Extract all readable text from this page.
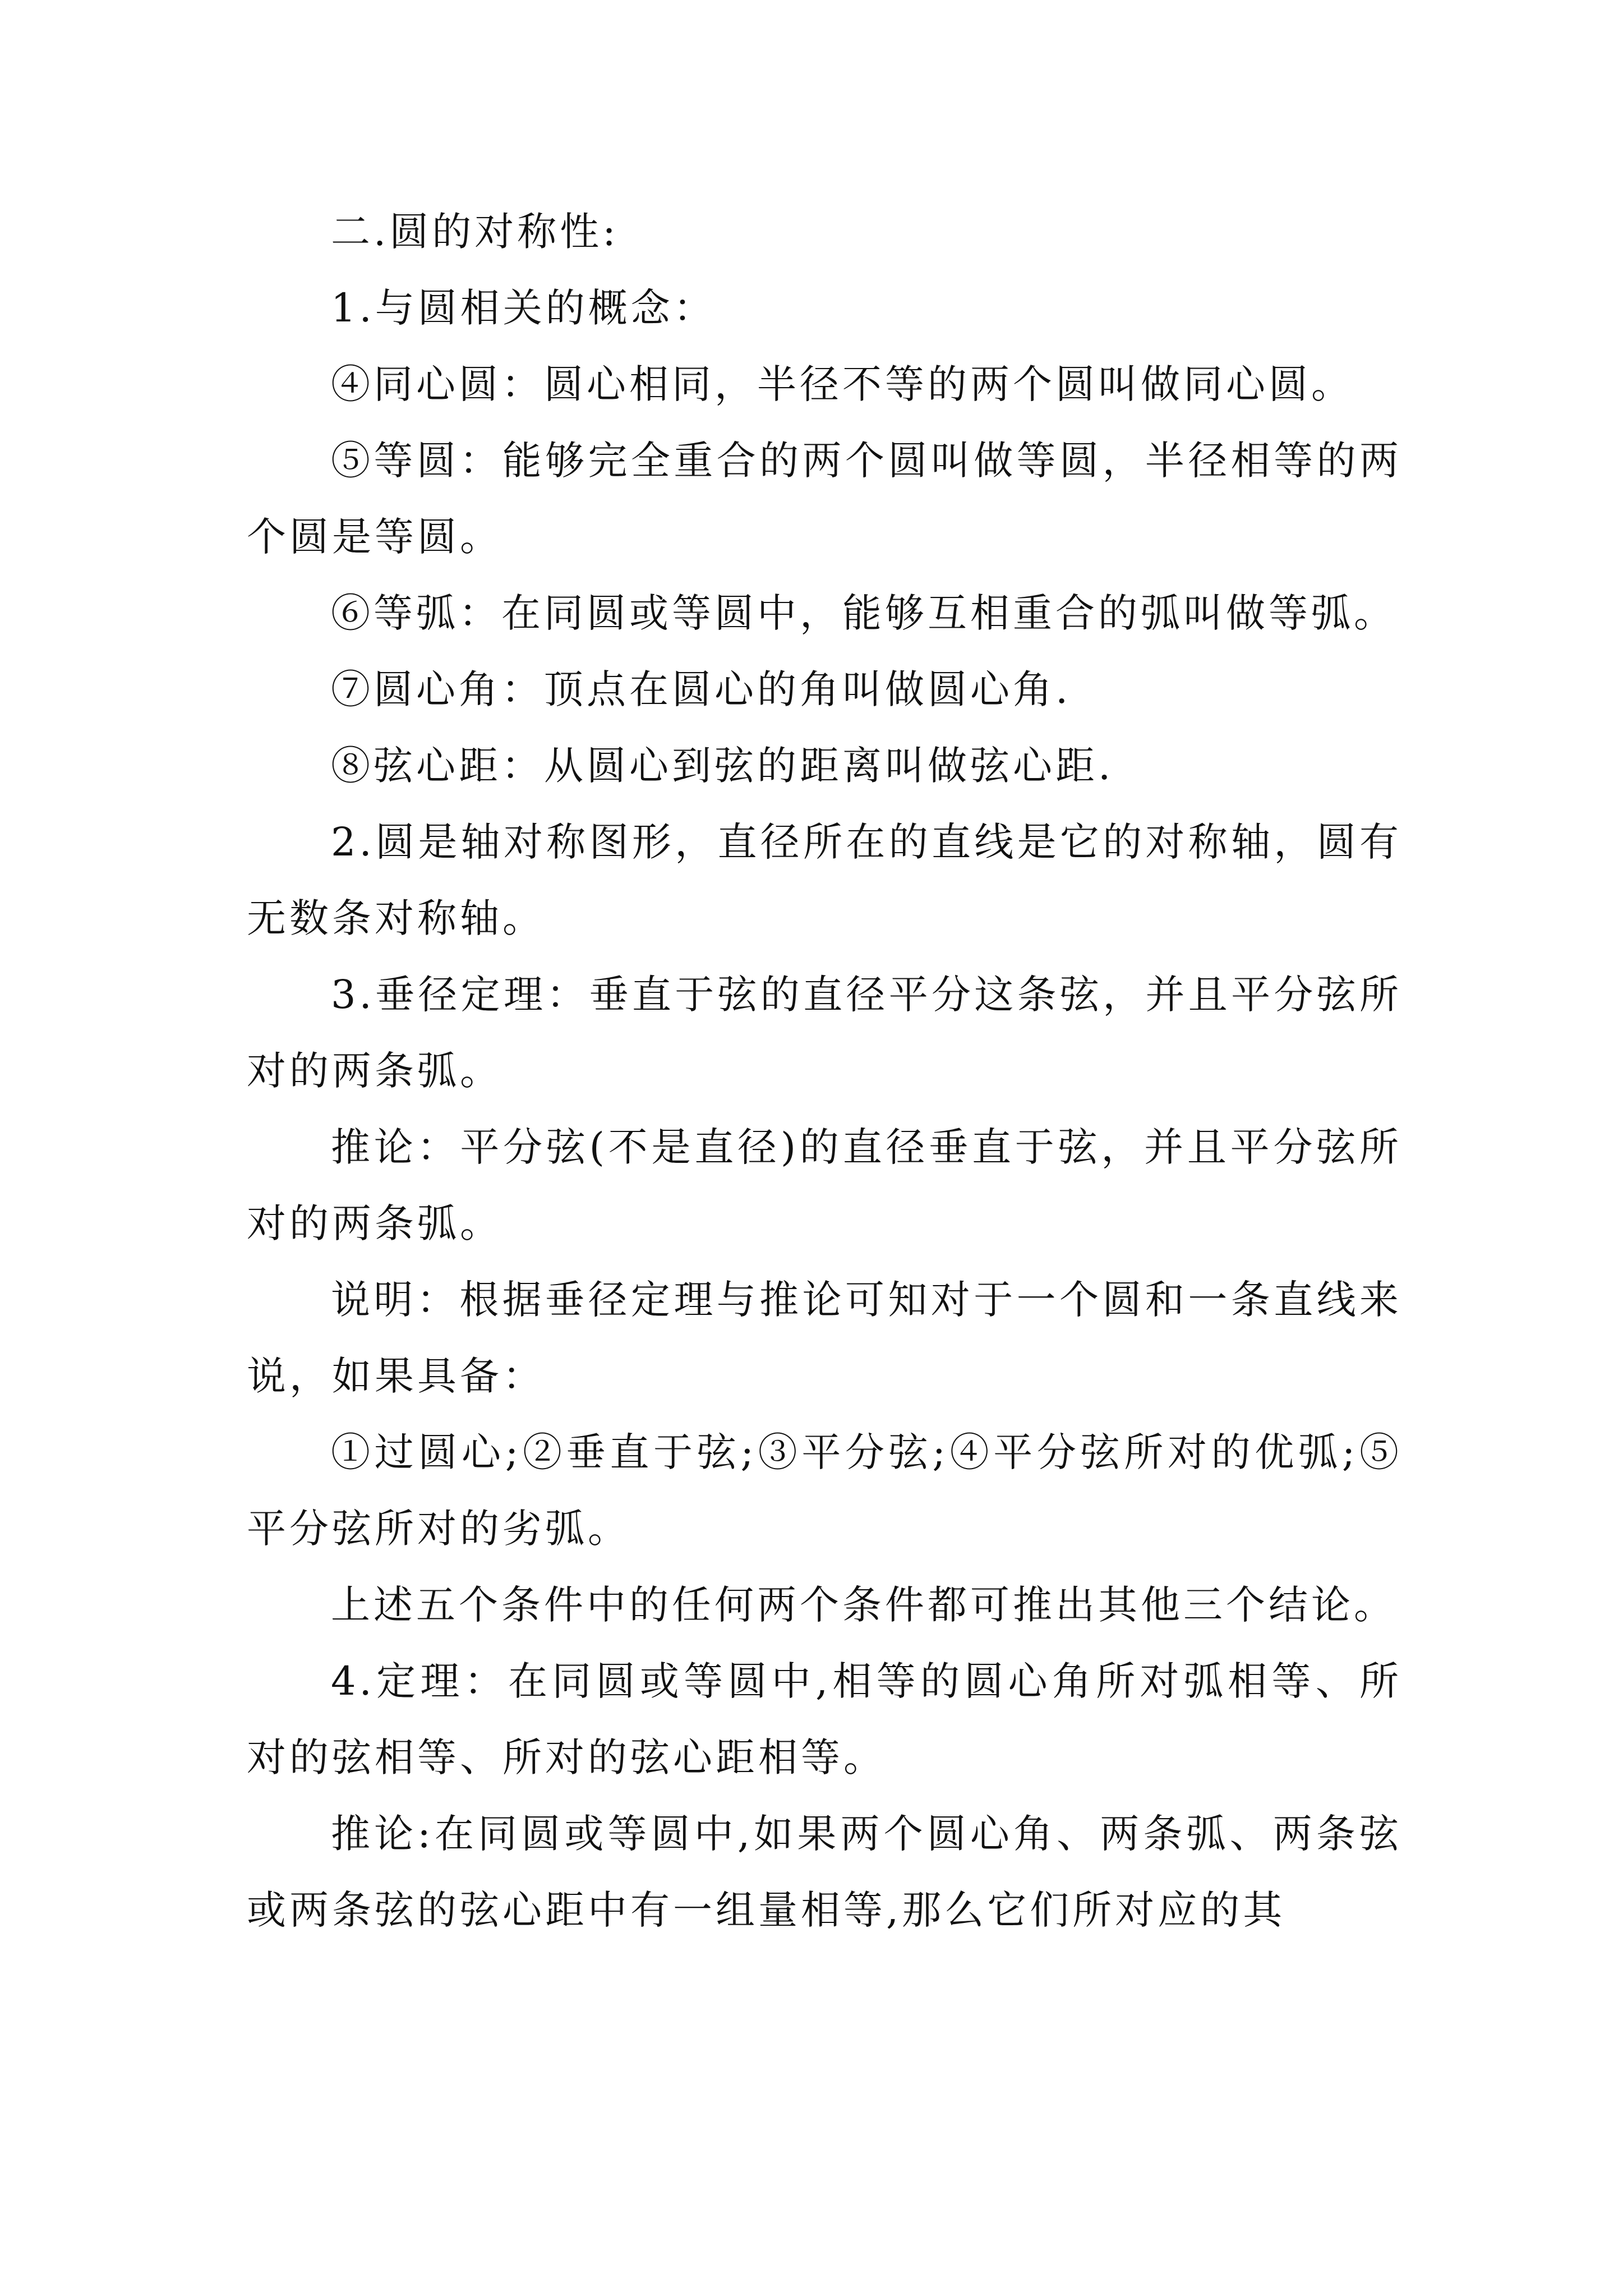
二.圆的对称性:

1.与圆相关的概念：

④同心圆：圆心相同，半径不等的两个圆叫做同心圆。

⑤等圆：能够完全重合的两个圆叫做等圆，半径相等的两个圆是等圆。

⑥等弧：在同圆或等圆中，能够互相重合的弧叫做等弧。

⑦圆心角：顶点在圆心的角叫做圆心角.

⑧弦心距：从圆心到弦的距离叫做弦心距.

2.圆是轴对称图形，直径所在的直线是它的对称轴，圆有无数条对称轴。

3.垂径定理：垂直于弦的直径平分这条弦，并且平分弦所对的两条弧。

推论：平分弦(不是直径)的直径垂直于弦，并且平分弦所对的两条弧。

说明：根据垂径定理与推论可知对于一个圆和一条直线来说，如果具备：

①过圆心;②垂直于弦;③平分弦;④平分弦所对的优弧;⑤平分弦所对的劣弧。

上述五个条件中的任何两个条件都可推出其他三个结论。

4.定理：在同圆或等圆中,相等的圆心角所对弧相等、所对的弦相等、所对的弦心距相等。

推论:在同圆或等圆中,如果两个圆心角、两条弧、两条弦或两条弦的弦心距中有一组量相等,那么它们所对应的其
